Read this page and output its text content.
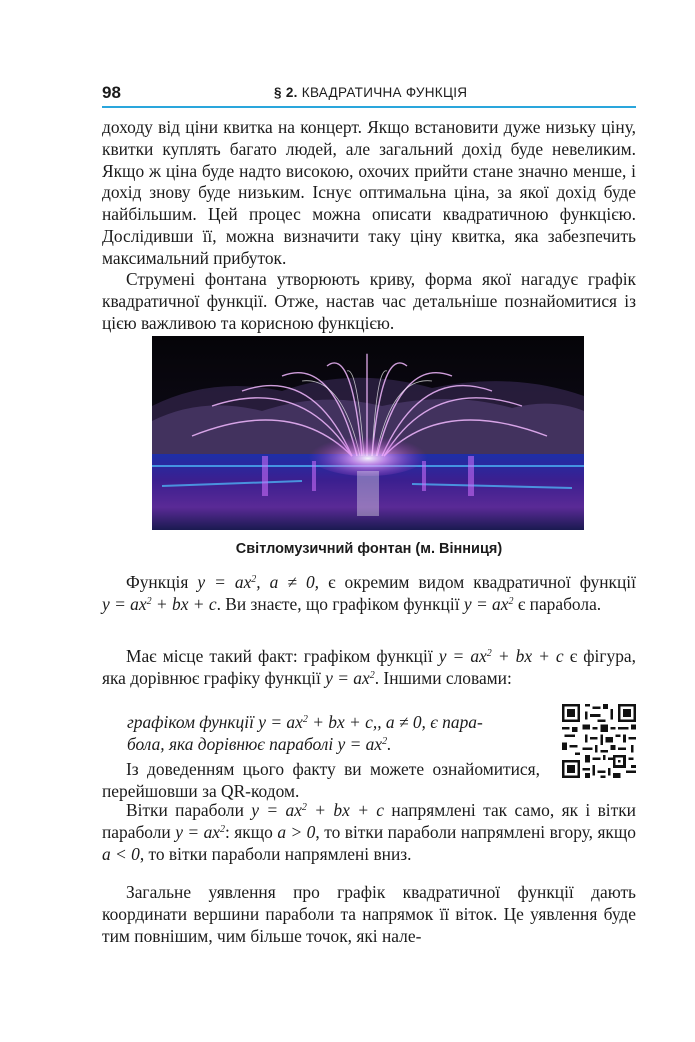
98	§ 2. КВАДРАТИЧНА ФУНКЦІЯ

доходу від ціни квитка на концерт. Якщо встановити дуже низьку ціну, квитки куплять багато людей, але загальний дохід буде невеликим. Якщо ж ціна буде надто високою, охочих прийти стане значно менше, і дохід знову буде низьким. Існує оптимальна ціна, за якої дохід буде найбільшим. Цей процес можна описати квадратичною функцією. Дослідивши її, можна визначити таку ціну квитка, яка забезпечить максимальний прибуток.

Струмені фонтана утворюють криву, форма якої нагадує графік квадратичної функції. Отже, настав час детальніше познайомитися із цією важливою та корисною функцією.

Світломузичний фонтан (м. Вінниця)

Функція $y = ax^2$, a ≠ 0, є окремим видом квадратичної функції $y = ax^2$ + bx + c. Ви знаєте, що графіком функції $y = ax^2$ є парабола.

Має місце такий факт: графіком функції $y = ax^2$ + bx + c є фігура, яка дорівнює графіку функції $y = ax^2$. Іншими словами:

графіком функції $y = ax^2$ + bx + c,, a ≠ 0, є пара-
бола, яка дорівнює параболі $y = ax^2$.

Із доведенням цього факту ви можете ознайомитися, перейшовши за QR-кодом.

Вітки параболи $y = ax^2$ + bx + c напрямлені так само, як і вітки параболи $y = ax^2$: якщо a > 0, то вітки параболи напрямлені вгору, якщо a < 0, то вітки параболи напрямлені вниз.

Загальне уявлення про графік квадратичної функції дають координати вершини параболи та напрямок її віток. Це уявлення буде тим повнішим, чим більше точок, які нале-
